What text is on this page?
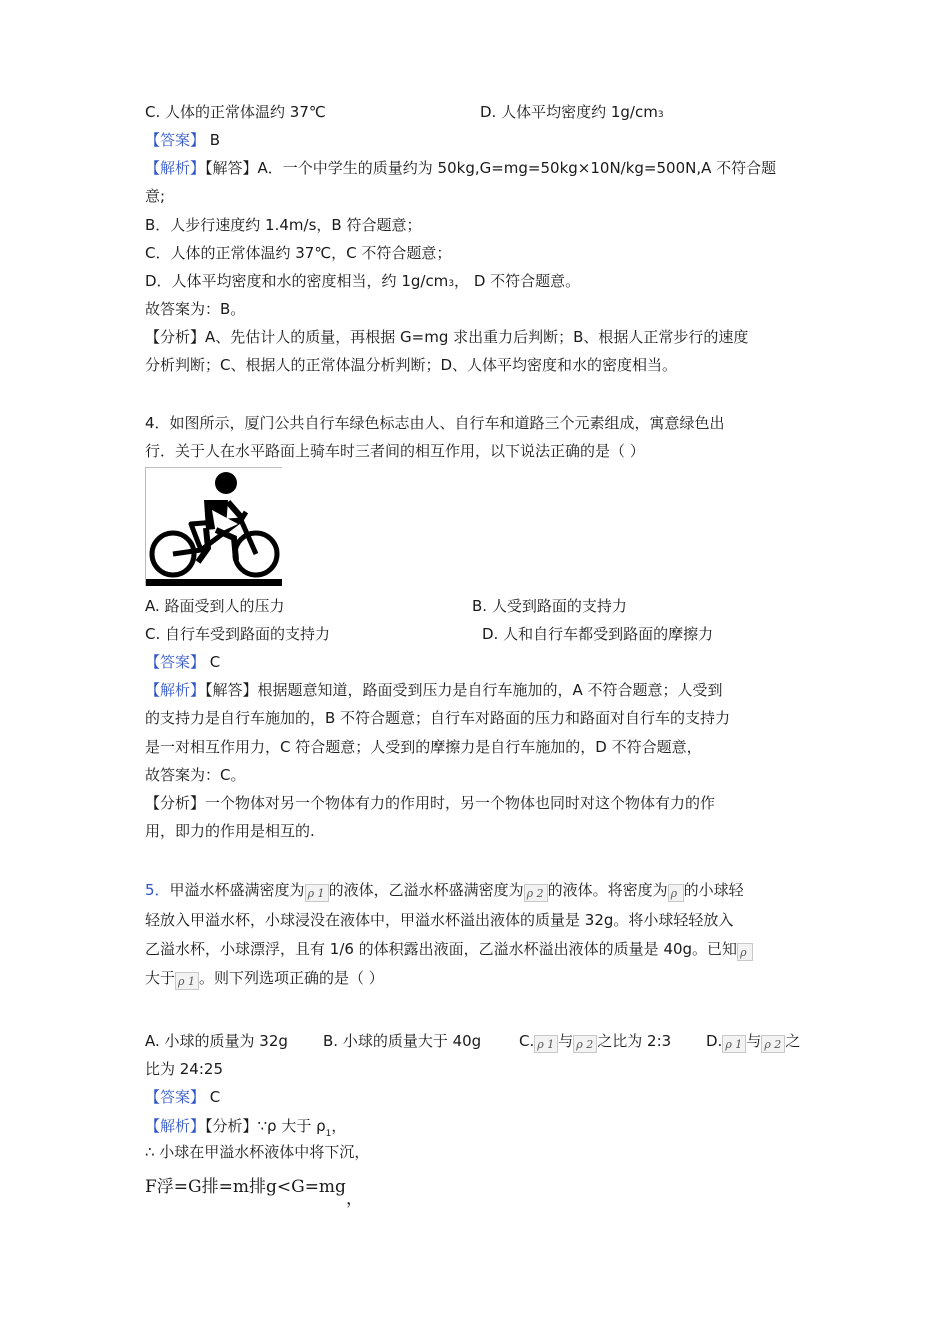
C. 人体的正常体温约 37℃	D. 人体平均密度约 1g/cm3
【答案】 B
【解析】【解答】A．一个中学生的质量约为 50kg,G=mg=50kg×10N/kg=500N,A 不符合题
意;
B．人步行速度约 1.4m/s，B 符合题意；
C．人体的正常体温约 37℃，C 不符合题意；
D．人体平均密度和水的密度相当，约 1g/cm3， D 不符合题意。
故答案为：B。
【分析】A、先估计人的质量，再根据 G=mg 求出重力后判断；B、根据人正常步行的速度
分析判断；C、根据人的正常体温分析判断；D、人体平均密度和水的密度相当。
4．如图所示，厦门公共自行车绿色标志由人、自行车和道路三个元素组成，寓意绿色出
行．关于人在水平路面上骑车时三者间的相互作用，以下说法正确的是（ ）
A. 路面受到人的压力	B. 人受到路面的支持力
C. 自行车受到路面的支持力	D. 人和自行车都受到路面的摩擦力
【答案】 C
【解析】【解答】根据题意知道，路面受到压力是自行车施加的，A 不符合题意；人受到
的支持力是自行车施加的，B 不符合题意；自行车对路面的压力和路面对自行车的支持力
是一对相互作用力，C 符合题意；人受到的摩擦力是自行车施加的，D 不符合题意，
故答案为：C。
【分析】一个物体对另一个物体有力的作用时，另一个物体也同时对这个物体有力的作
用，即力的作用是相互的.
5．甲溢水杯盛满密度为 ρ 1 的液体，乙溢水杯盛满密度为 ρ 2 的液体。将密度为 ρ 的小球轻
轻放入甲溢水杯，小球浸没在液体中，甲溢水杯溢出液体的质量是 32g。将小球轻轻放入
乙溢水杯，小球漂浮，且有 1/6 的体积露出液面，乙溢水杯溢出液体的质量是 40g。已知 ρ
大于 ρ 1 。则下列选项正确的是（ ）
A. 小球的质量为 32g B. 小球的质量大于 40g	C. ρ 1 与 ρ 2 之比为 2:3 D. ρ 1 与 ρ 2 之
比为 24:25
【答案】 C
【解析】【分析】∵ρ 大于 $\rho_1$，
∴ 小球在甲溢水杯液体中将下沉，
F浮=G排=m排g<G=mg，
